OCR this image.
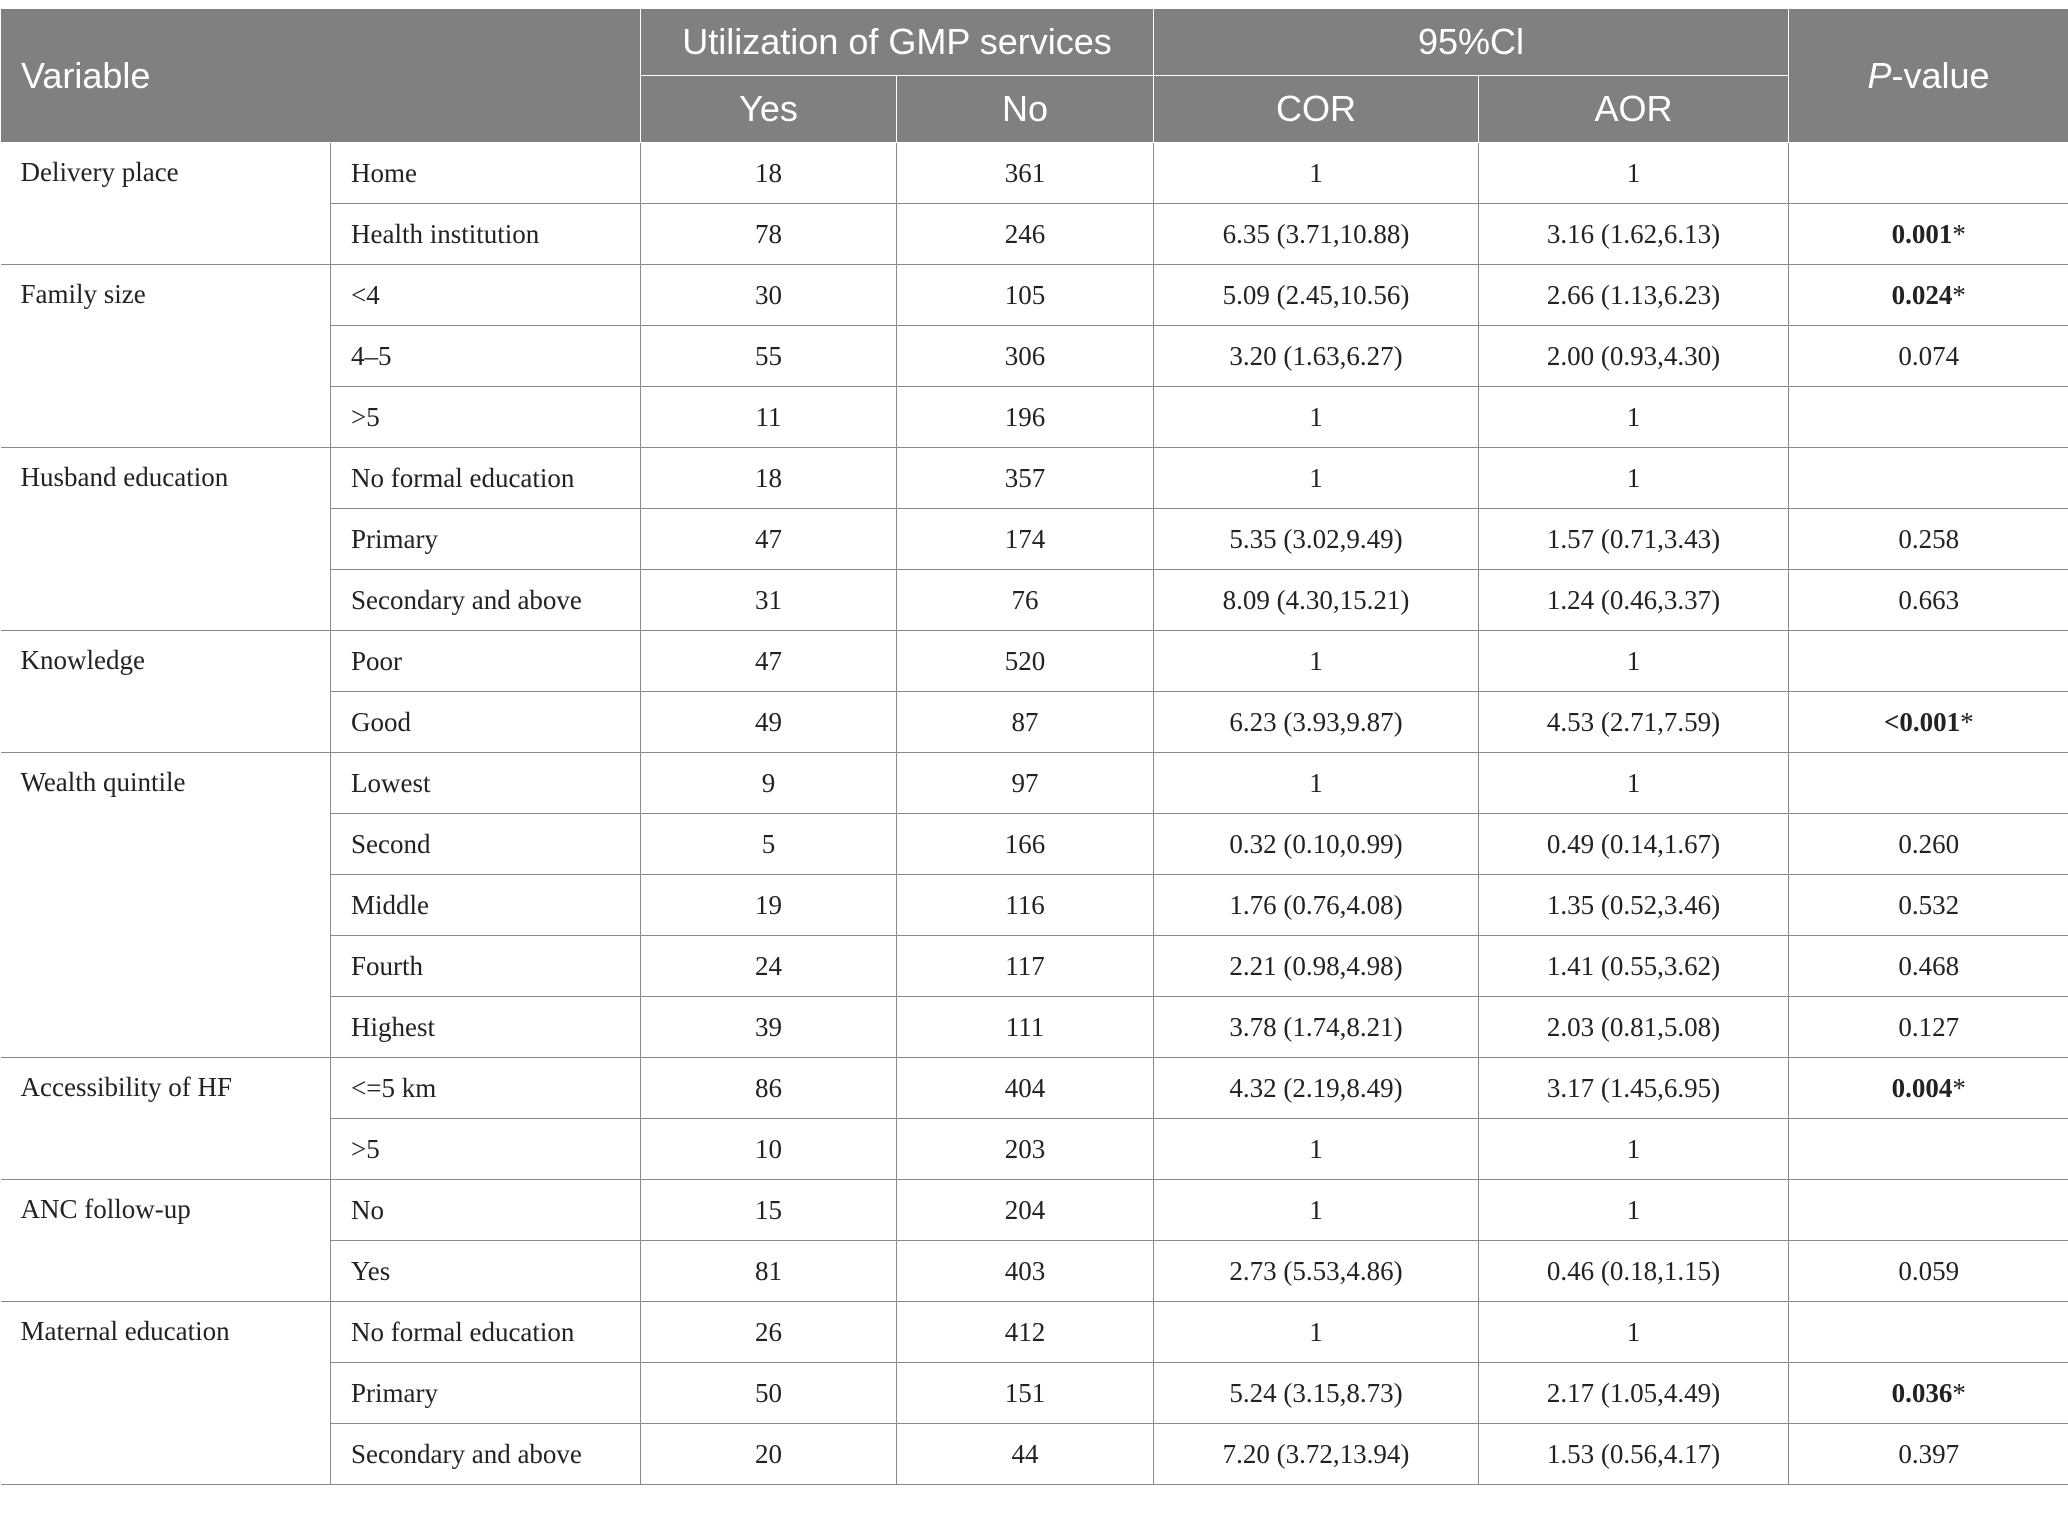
Variable		Utilization of GMP services		95%Cl		P-value
		Yes	No	COR	AOR	
Delivery place	Home	18	361	1	1	
	Health institution	78	246	6.35 (3.71,10.88)	3.16 (1.62,6.13)	0.001*
Family size	<4	30	105	5.09 (2.45,10.56)	2.66 (1.13,6.23)	0.024*
	4–5	55	306	3.20 (1.63,6.27)	2.00 (0.93,4.30)	0.074
	>5	11	196	1	1	
Husband education	No formal education	18	357	1	1	
	Primary	47	174	5.35 (3.02,9.49)	1.57 (0.71,3.43)	0.258
	Secondary and above	31	76	8.09 (4.30,15.21)	1.24 (0.46,3.37)	0.663
Knowledge	Poor	47	520	1	1	
	Good	49	87	6.23 (3.93,9.87)	4.53 (2.71,7.59)	<0.001*
Wealth quintile	Lowest	9	97	1	1	
	Second	5	166	0.32 (0.10,0.99)	0.49 (0.14,1.67)	0.260
	Middle	19	116	1.76 (0.76,4.08)	1.35 (0.52,3.46)	0.532
	Fourth	24	117	2.21 (0.98,4.98)	1.41 (0.55,3.62)	0.468
	Highest	39	111	3.78 (1.74,8.21)	2.03 (0.81,5.08)	0.127
Accessibility of HF	<=5 km	86	404	4.32 (2.19,8.49)	3.17 (1.45,6.95)	0.004*
	>5	10	203	1	1	
ANC follow-up	No	15	204	1	1	
	Yes	81	403	2.73 (5.53,4.86)	0.46 (0.18,1.15)	0.059
Maternal education	No formal education	26	412	1	1	
	Primary	50	151	5.24 (3.15,8.73)	2.17 (1.05,4.49)	0.036*
	Secondary and above	20	44	7.20 (3.72,13.94)	1.53 (0.56,4.17)	0.397
